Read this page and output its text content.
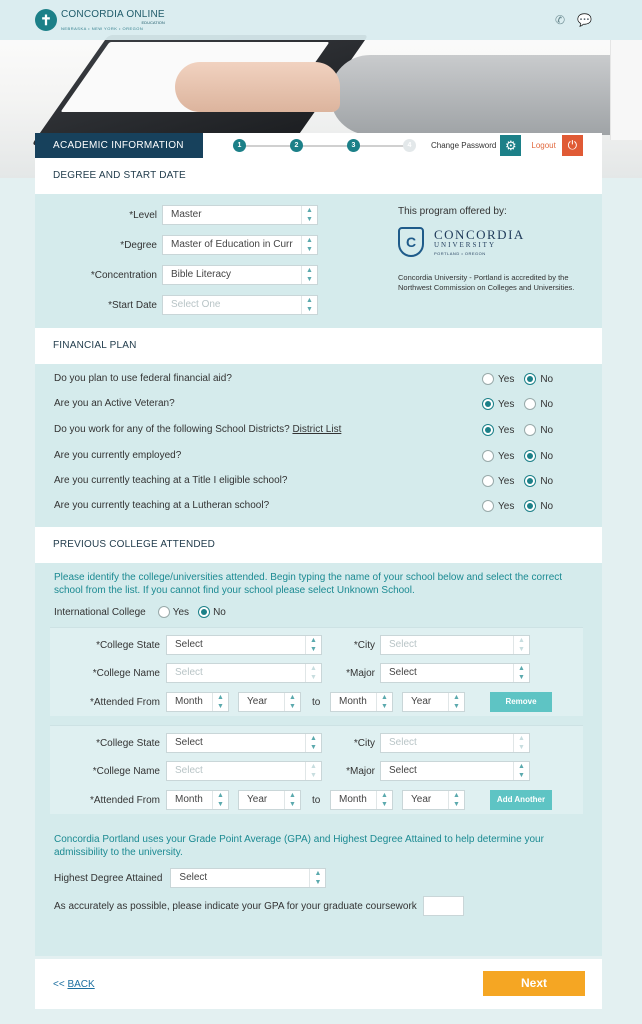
✝ CONCORDIA ONLINE
EDUCATION
NEBRASKA • NEW YORK • OREGON
✆ 💬
ACADEMIC INFORMATION	1	2	3	4	Change Password ⚙	Logout ⏻
DEGREE AND START DATE
*Level	Master	▲
▼
*Degree	Master of Education in Curr	▲
▼
*Concentration	Bible Literacy	▲
▼
*Start Date	Select One	▲
▼
This program offered by:
C	CONCORDIA
UNIVERSITY
PORTLAND • OREGON
Concordia University - Portland is accredited by the Northwest Commission on Colleges and Universities.
FINANCIAL PLAN
Do you plan to use federal financial aid?	Yes	No
Are you an Active Veteran?	Yes	No
Do you work for any of the following School Districts? District List	Yes	No
Are you currently employed?	Yes	No
Are you currently teaching at a Title I eligible school?	Yes	No
Are you currently teaching at a Lutheran school?	Yes	No
PREVIOUS COLLEGE ATTENDED
Please identify the college/universities attended. Begin typing the name of your school below and select the correct school from the list. If you cannot find your school please select Unknown School.
International College	Yes No
*College State	Select	▲
▼	*City	Select	▲
▼
*College Name	Select	▲
▼	*Major	Select	▲
▼
*Attended From	Month	▲
▼	Year	▲
▼	to	Month	▲
▼	Year	▲
▼
Remove
*College State	Select	▲
▼	*City	Select	▲
▼
*College Name	Select	▲
▼	*Major	Select	▲
▼
*Attended From	Month	▲
▼	Year	▲
▼	to	Month	▲
▼	Year	▲
▼
Add Another
Concordia Portland uses your Grade Point Average (GPA) and Highest Degree Attained to help determine your admissibility to the university.
Highest Degree Attained	Select	▲
▼
As accurately as possible, please indicate your GPA for your graduate coursework
<< BACK	Next
